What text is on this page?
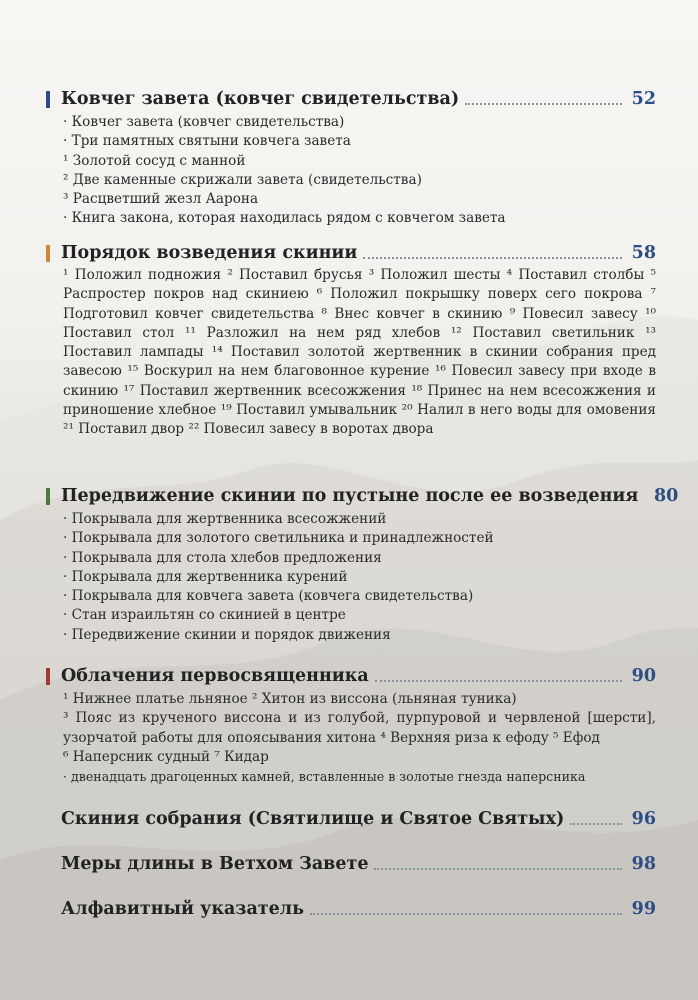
Ковчег завета (ковчег свидетельства)	52
· Ковчег завета (ковчег свидетельства)
· Три памятных святыни ковчега завета
¹ Золотой сосуд с манной
² Две каменные скрижали завета (свидетельства)
³ Расцветший жезл Аарона
· Книга закона, которая находилась рядом с ковчегом завета
Порядок возведения скинии	58
¹ Положил подножия ² Поставил брусья ³ Положил шесты ⁴ Поставил столбы ⁵ Распростер покров над скиниею ⁶ Положил покрышку поверх сего покрова ⁷ Подготовил ковчег свидетельства ⁸ Внес ковчег в скинию ⁹ Повесил завесу ¹⁰ Поставил стол ¹¹ Разложил на нем ряд хлебов ¹² Поставил светильник ¹³ Поставил лампады ¹⁴ Поставил золотой жертвенник в скинии собрания пред завесою ¹⁵ Воскурил на нем благовонное курение ¹⁶ Повесил завесу при входе в скинию ¹⁷ Поставил жертвенник всесожжения ¹⁸ Принес на нем всесожжения и приношение хлебное ¹⁹ Поставил умывальник ²⁰ Налил в него воды для омовения ²¹ Поставил двор ²² Повесил завесу в воротах двора
Передвижение скинии по пустыне после ее возведения 80
· Покрывала для жертвенника всесожжений
· Покрывала для золотого светильника и принадлежностей
· Покрывала для стола хлебов предложения
· Покрывала для жертвенника курений
· Покрывала для ковчега завета (ковчега свидетельства)
· Стан израильтян со скинией в центре
· Передвижение скинии и порядок движения
Облачения первосвященника	90
¹ Нижнее платье льняное ² Хитон из виссона (льняная туника)
³ Пояс из крученого виссона и из голубой, пурпуровой и червленой [шерсти], узорчатой работы для опоясывания хитона ⁴ Верхняя риза к ефоду ⁵ Ефод
⁶ Наперсник судный ⁷ Кидар
· двенадцать драгоценных камней, вставленные в золотые гнезда наперсника
Скиния собрания (Святилище и Святое Святых)	96
Меры длины в Ветхом Завете	98
Алфавитный указатель	99
